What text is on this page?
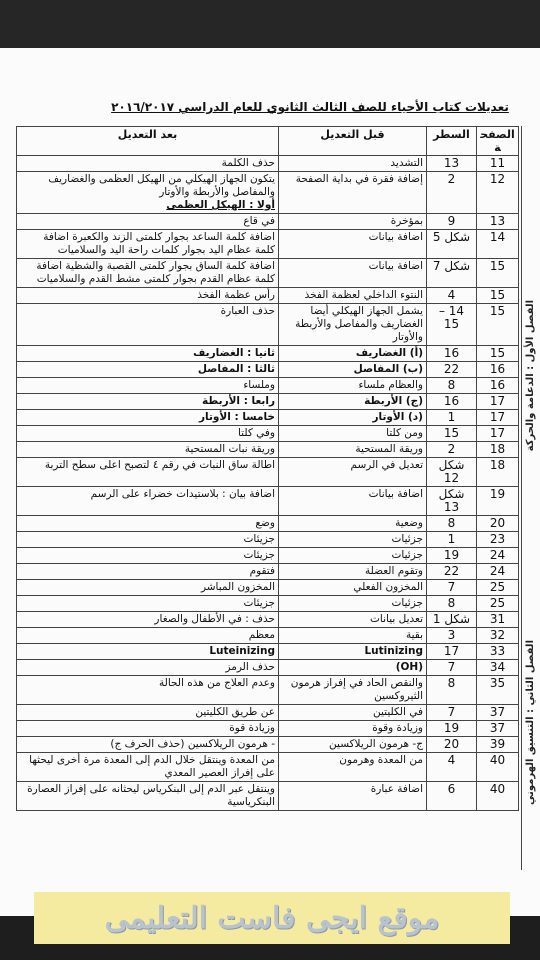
تعديلات كتاب الأحياء للصف الثالث الثانوي للعام الدراسي ٢٠١٦/٢٠١٧
الصفحة	السطر	قبل التعديل	بعد التعديل
11	13	التشديد	حذف الكلمة
12	2	إضافة فقرة في بداية الصفحة	يتكون الجهاز الهيكلي من الهيكل العظمى والغضاريف والمفاصل والأربطة والأوتار
أولا : الهيكل العظمى

13	9	بمؤخرة	في قاع
14	شكل 5	اضافة بيانات	اضافة كلمة الساعد بجوار كلمتى الزند والكعبرة اضافة كلمة عظام اليد بجوار كلمات راحة اليد والسلاميات
15	شكل 7	اضافة بيانات	اضافة كلمة الساق بجوار كلمتى القصبة والشظية اضافة كلمة عظام القدم بجوار كلمتى مشط القدم والسلاميات
15	4	النتوء الداخلي لعظمة الفخذ	رأس عظمة الفخذ
15	14 – 15	يشمل الجهاز الهيكلي أيضا الغضاريف والمفاصل والأربطة والأوتار	حذف العبارة
15	16	(أ) الغضاريف	ثانيا : الغضاريف
16	22	(ب) المفاصل	ثالثا : المفاصل
16	8	والعظام ملساء	وملساء
17	16	(ج) الأربطة	رابعا : الأربطة
17	1	(د) الأوتار	خامسا : الأوتار
17	15	ومن كلتا	وفي كلتا
18	2	وريقة المستحية	وريقة نبات المستحية
18	شكل 12	تعديل في الرسم	اطالة ساق النبات في رقم ٤ لتصبح اعلى سطح التربة
19	شكل 13	اضافة بيانات	اضافة بيان : بلاستيدات خضراء على الرسم
20	8	وضعية	وضع
23	1	جزئيات	جزيئات
24	19	جزئيات	جزيئات
24	22	وتقوم العضلة	فتقوم
25	7	المخزون الفعلي	المخزون المباشر
25	8	جزئيات	جزيئات
31	شكل 1	تعديل بيانات	حذف : في الأطفال والصغار
32	3	بقية	معظم
33	17	Lutinizing	Luteinizing
34	7	(OH)	حذف الرمز
35	8	والنقص الحاد في إفراز هرمون الثيروكسين	وعدم العلاج من هذه الحالة
37	7	في الكليتين	عن طريق الكليتين
37	19	وزيادة وقوة	وزيادة قوة
39	20	ج- هرمون الريلاكسين	- هرمون الريلاكسين (حذف الحرف ج)
40	4	من المعدة وهرمون	من المعدة وينتقل خلال الدم إلى المعدة مرة أخرى ليحثها على إفراز العصير المعدي
40	6	اضافة عبارة	وينتقل عبر الدم إلى البنكرياس ليحثانه على إفراز العصارة البنكرياسية
الفصل الأول : الدعامة والحركة
الفصل الثاني : التنسيق الهرموني
موقع ايجى فاست التعليمى
